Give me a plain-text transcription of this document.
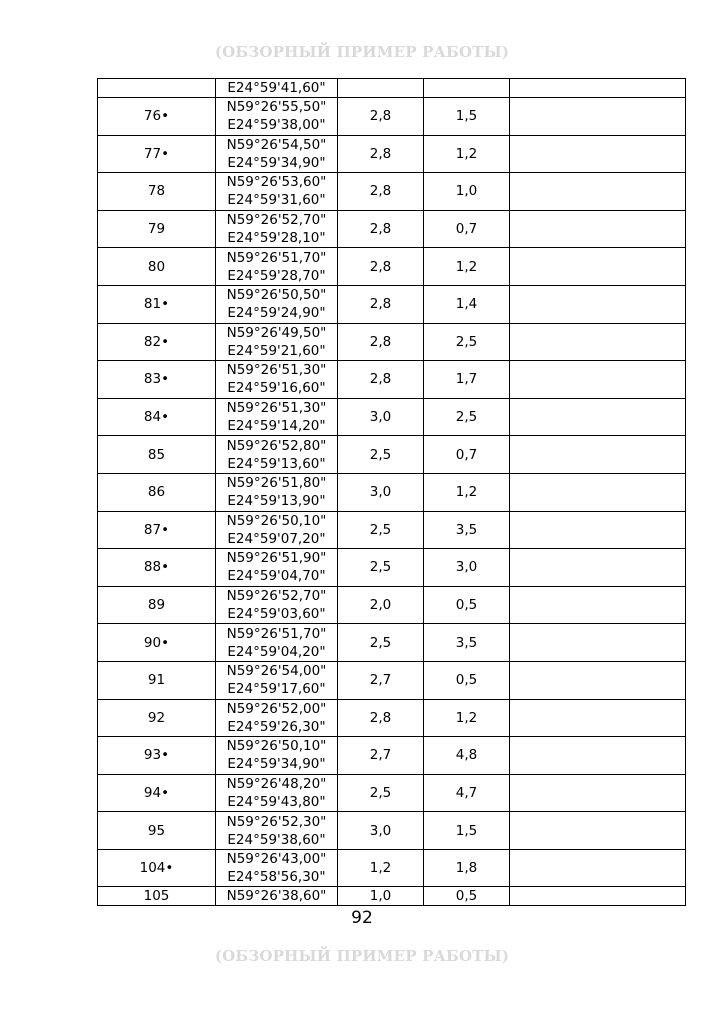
(ОБЗОРНЫЙ ПРИМЕР РАБОТЫ)

	E24°59'41,60"			

76•	N59°26'55,50"
E24°59'38,00"	2,8	1,5	
77•	N59°26'54,50"
E24°59'34,90"	2,8	1,2	
78	N59°26'53,60"
E24°59'31,60"	2,8	1,0	
79	N59°26'52,70"
E24°59'28,10"	2,8	0,7	
80	N59°26'51,70"
E24°59'28,70"	2,8	1,2	
81•	N59°26'50,50"
E24°59'24,90"	2,8	1,4	
82•	N59°26'49,50"
E24°59'21,60"	2,8	2,5	
83•	N59°26'51,30"
E24°59'16,60"	2,8	1,7	
84•	N59°26'51,30"
E24°59'14,20"	3,0	2,5	
85	N59°26'52,80"
E24°59'13,60"	2,5	0,7	
86	N59°26'51,80"
E24°59'13,90"	3,0	1,2	
87•	N59°26'50,10"
E24°59'07,20"	2,5	3,5	
88•	N59°26'51,90"
E24°59'04,70"	2,5	3,0	
89	N59°26'52,70"
E24°59'03,60"	2,0	0,5	
90•	N59°26'51,70"
E24°59'04,20"	2,5	3,5	
91	N59°26'54,00"
E24°59'17,60"	2,7	0,5	
92	N59°26'52,00"
E24°59'26,30"	2,8	1,2	
93•	N59°26'50,10"
E24°59'34,90"	2,7	4,8	
94•	N59°26'48,20"
E24°59'43,80"	2,5	4,7	
95	N59°26'52,30"
E24°59'38,60"	3,0	1,5	
104•	N59°26'43,00"
E24°58'56,30"	1,2	1,8	
105	N59°26'38,60"	1,0	0,5	
92
(ОБЗОРНЫЙ ПРИМЕР РАБОТЫ)
